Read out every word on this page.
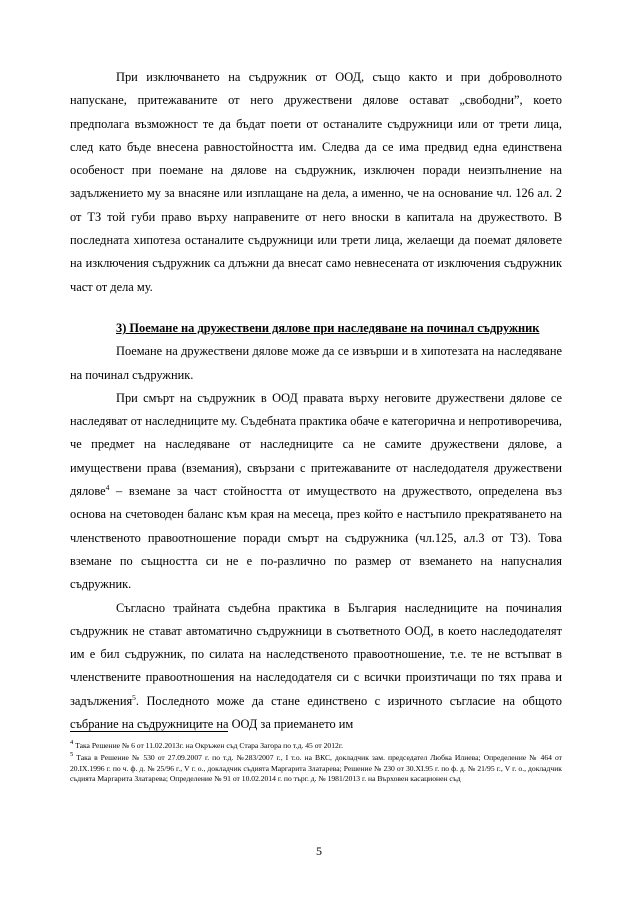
При изключването на съдружник от ООД, също както и при доброволното напускане, притежаваните от него дружествени дялове остават „свободни”, което предполага възможност те да бъдат поети от останалите съдружници или от трети лица, след като бъде внесена равностойността им. Следва да се има предвид една единствена особеност при поемане на дялове на съдружник, изключен поради неизпълнение на задължението му за внасяне или изплащане на дела, а именно, че на основание чл. 126 ал. 2 от ТЗ той губи право върху направените от него вноски в капитала на дружеството. В последната хипотеза останалите съдружници или трети лица, желаещи да поемат дяловете на изключения съдружник са длъжни да внесат само невнесената от изключения съдружник част от дела му.

3) Поемане на дружествени дялове при наследяване на починал съдружник

Поемане на дружествени дялове може да се извърши и в хипотезата на наследяване на починал съдружник.

При смърт на съдружник в ООД правата върху неговите дружествени дялове се наследяват от наследниците му. Съдебната практика обаче е категорична и непротиворечива, че предмет на наследяване от наследниците са не самите дружествени дялове, а имуществени права (вземания), свързани с притежаваните от наследодателя дружествени дялове$^4$ – вземане за част стойността от имуществото на дружеството, определена въз основа на счетоводен баланс към края на месеца, през който е настъпило прекратяването на членственото правоотношение поради смърт на съдружника (чл.125, ал.3 от ТЗ). Това вземане по същността си не е по-различно по размер от вземането на напусналия съдружник.

Съгласно трайната съдебна практика в България наследниците на починалия съдружник не стават автоматично съдружници в съответното ООД, в което наследодателят им е бил съдружник, по силата на наследственото правоотношение, т.е. те не встъпват в членствените правоотношения на наследодателя си с всички произтичащи по тях права и задължения$^5$. Последното може да стане единствено с изричното съгласие на общото събрание на съдружниците на ООД за приемането им

$^4$ Така Решение № 6 от 11.02.2013г. на Окръжен съд Стара Загора по т.д. 45 от 2012г.

$^5$ Така в Решение № 530 от 27.09.2007 г. по т.д. №283/2007 г., I т.о. на ВКС, докладчик зам. председател Любка Илиева; Определение № 464 от 20.IX.1996 г. по ч. ф. д. № 25/96 г., V г. о., докладчик съдията Маргарита Златарева; Решение № 230 от 30.XI.95 г. по ф. д. № 21/95 г., V г. о., докладчик съдията Маргарита Златарева; Определение № 91 от 10.02.2014 г. по търг. д. № 1981/2013 г. на Върховен касационен съд

5
